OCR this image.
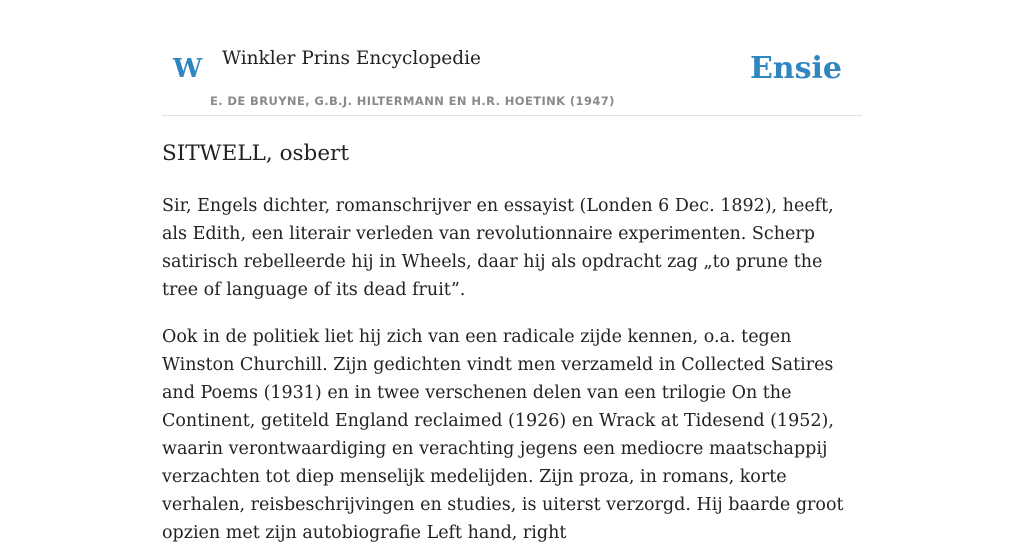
W Winkler Prins Encyclopedie
E. DE BRUYNE, G.B.J. HILTERMANN EN H.R. HOETINK (1947)
Ensie
SITWELL, osbert

Sir, Engels dichter, romanschrijver en essayist (Londen 6 Dec. 1892), heeft, als Edith, een literair verleden van revolutionnaire experimenten. Scherp satirisch rebelleerde hij in Wheels, daar hij als opdracht zag „to prune the tree of language of its dead fruit”.

Ook in de politiek liet hij zich van een radicale zijde kennen, o.a. tegen Winston Churchill. Zijn gedichten vindt men verzameld in Collected Satires and Poems (1931) en in twee verschenen delen van een trilogie On the Continent, getiteld England reclaimed (1926) en Wrack at Tidesend (1952), waarin verontwaardiging en verachting jegens een mediocre maatschappij verzachten tot diep menselijk medelijden. Zijn proza, in romans, korte verhalen, reisbeschrijvingen en studies, is uiterst verzorgd. Hij baarde groot opzien met zijn autobiografie Left hand, right
